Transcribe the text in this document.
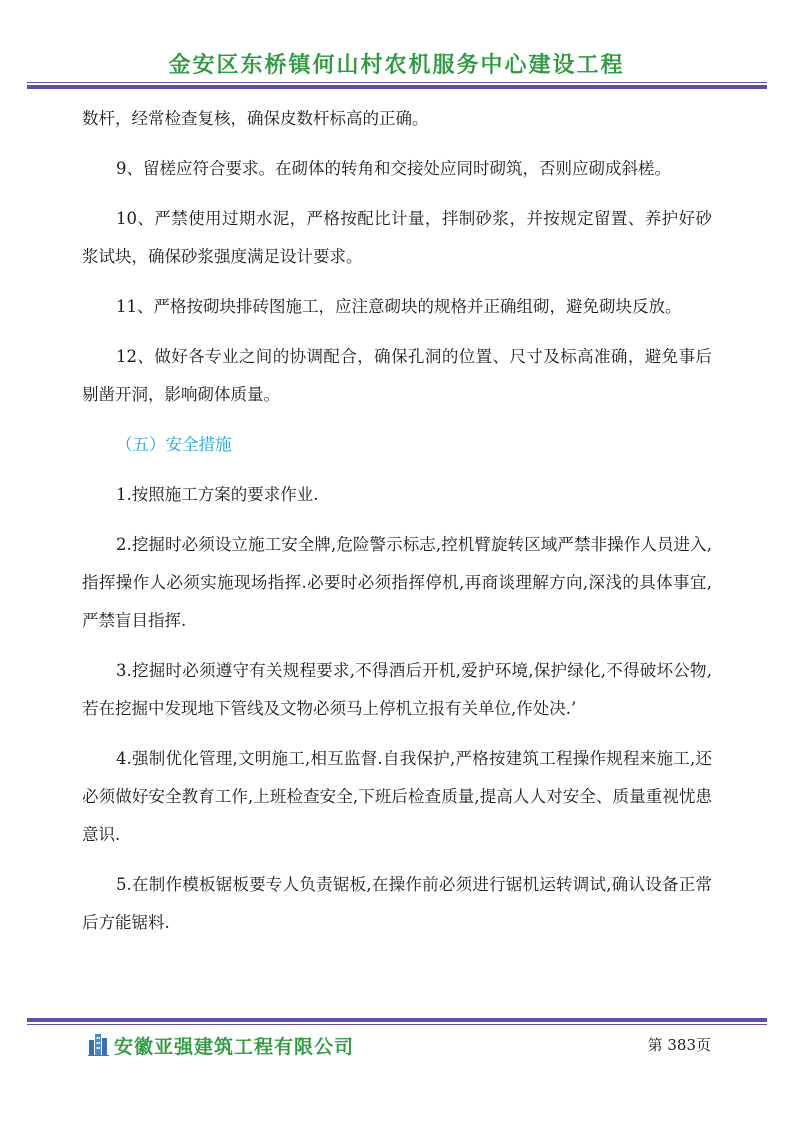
金安区东桥镇何山村农机服务中心建设工程

数杆，经常检查复核，确保皮数杆标高的正确。

9、留槎应符合要求。在砌体的转角和交接处应同时砌筑，否则应砌成斜槎。

10、严禁使用过期水泥，严格按配比计量，拌制砂浆，并按规定留置、养护好砂浆试块，确保砂浆强度满足设计要求。

11、严格按砌块排砖图施工，应注意砌块的规格并正确组砌，避免砌块反放。

12、做好各专业之间的协调配合，确保孔洞的位置、尺寸及标高准确，避免事后剔凿开洞，影响砌体质量。

（五）安全措施

1.按照施工方案的要求作业.

2.挖掘时必须设立施工安全牌,危险警示标志,控机臂旋转区域严禁非操作人员进入,指挥操作人必须实施现场指挥.必要时必须指挥停机,再商谈理解方向,深浅的具体事宜,严禁盲目指挥.

3.挖掘时必须遵守有关规程要求,不得酒后开机,爱护环境,保护绿化,不得破坏公物,若在挖掘中发现地下管线及文物必须马上停机立报有关单位,作处决.’

4.强制优化管理,文明施工,相互监督.自我保护,严格按建筑工程操作规程来施工,还必须做好安全教育工作,上班检查安全,下班后检查质量,提高人人对安全、质量重视忧患意识.

5.在制作模板锯板要专人负责锯板,在操作前必须进行锯机运转调试,确认设备正常后方能锯料.

安徽亚强建筑工程有限公司	第 383页
